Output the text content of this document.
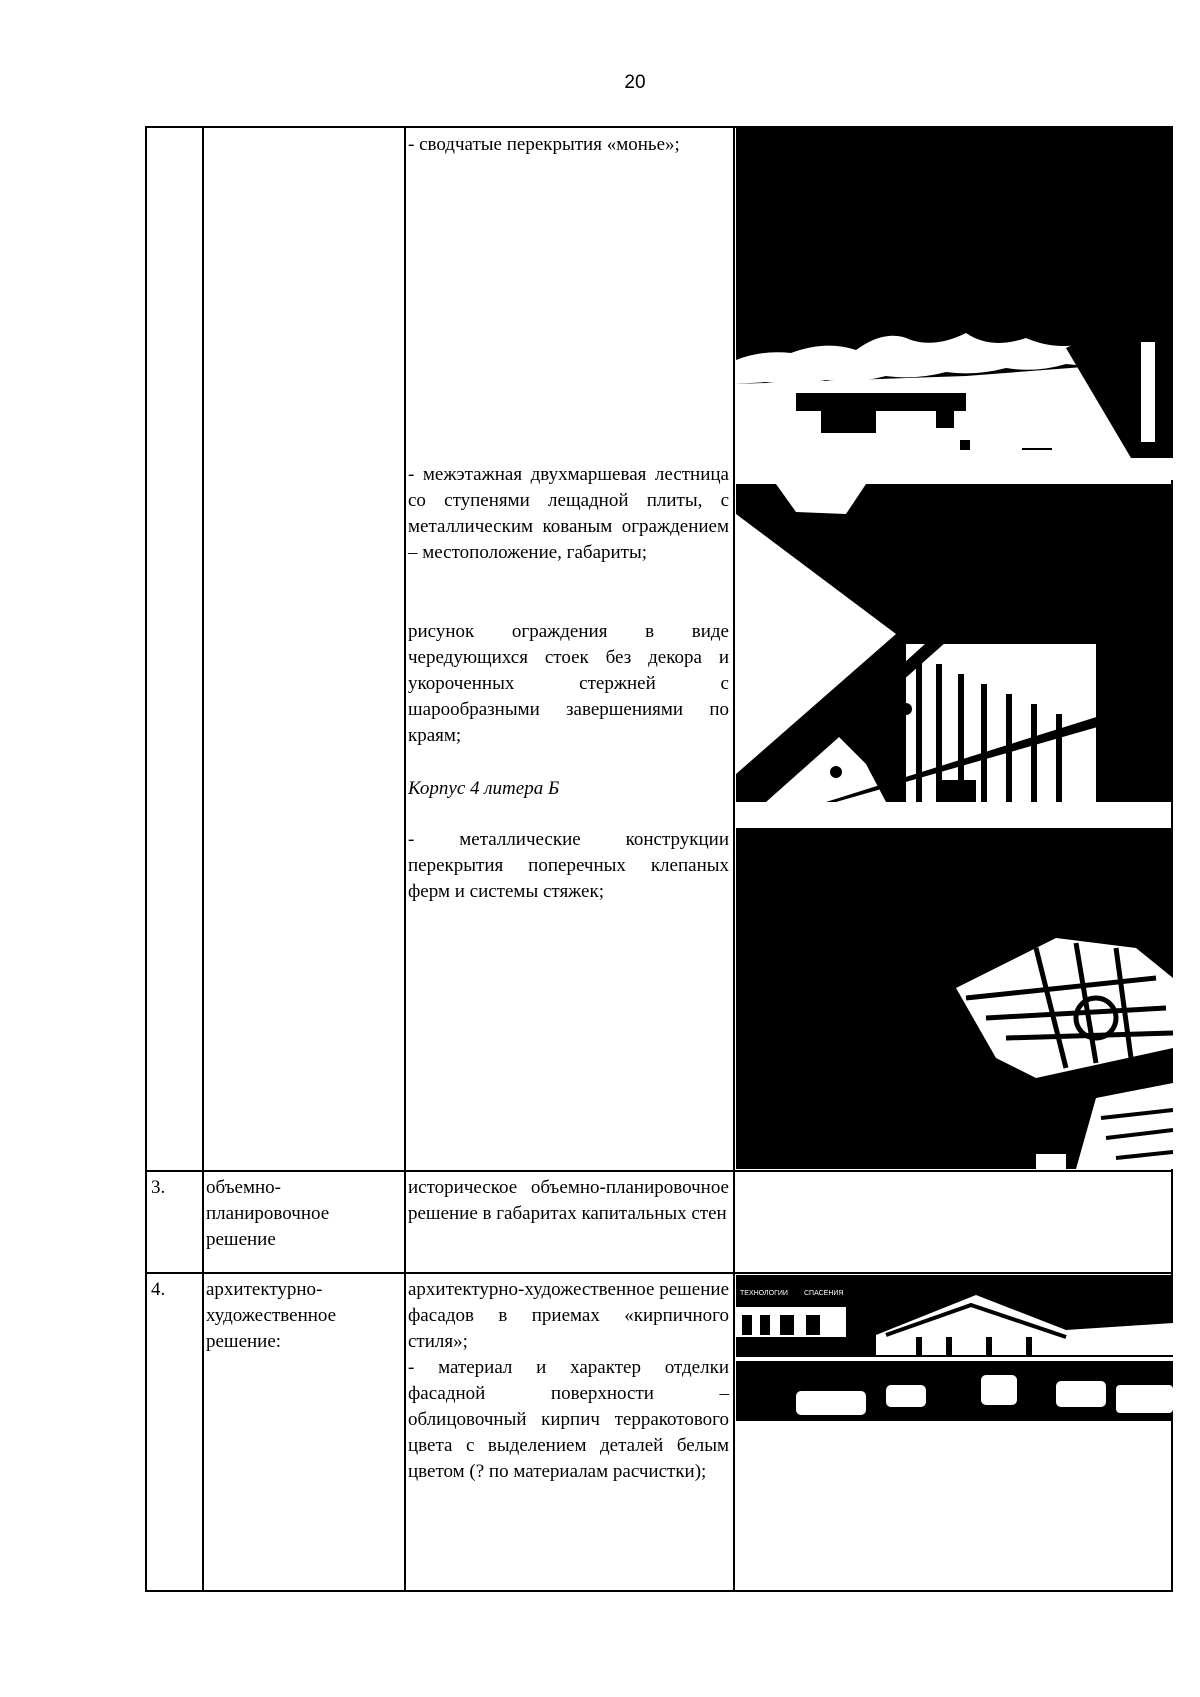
20
- сводчатые перекрытия «монье»;
- межэтажная двухмаршевая лестница со ступенями лещадной плиты, с металлическим кованым ограждением – местоположение, габариты;
рисунок ограждения в виде чередующихся стоек без декора и укороченных стержней с шарообразными завершениями по краям;
Корпус 4 литера Б
- металлические конструкции перекрытия поперечных клепаных ферм и системы стяжек;
3. объемно-планировочное решение
историческое объемно-планировочное решение в габаритах капитальных стен
4. архитектурно-художественное решение:
архитектурно-художественное решение фасадов в приемах «кирпичного стиля»;
- материал и характер отделки фасадной поверхности – облицовочный кирпич терракотового цвета с выделением деталей белым цветом (? по материалам расчистки);
ТЕХНОЛОГИИ СПАСЕНИЯ
